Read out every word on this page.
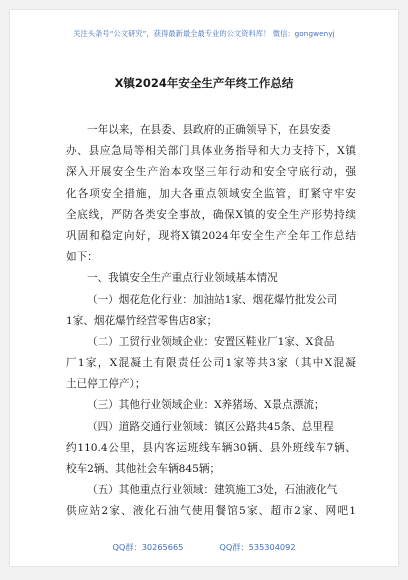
关注头条号“公文研究”，获得最新最全最专业的公文资料库！ 微信：gongwenyj
X镇2024年安全生产年终工作总结
一年以来，在县委、县政府的正确领导下，在县安委
办、县应急局等相关部门具体业务指导和大力支持下，X镇
深入开展安全生产治本攻坚三年行动和安全守底行动，强
化各项安全措施，加大各重点领域安全监管，盯紧守牢安
全底线，严防各类安全事故，确保X镇的安全生产形势持续
巩固和稳定向好，现将X镇2024年安全生产全年工作总结
如下：
一、我镇安全生产重点行业领域基本情况
（一）烟花危化行业：加油站1家、烟花爆竹批发公司
1家、烟花爆竹经营零售店8家；
（二）工贸行业领域企业：安置区鞋业厂1家、X食品
厂1家，X混凝土有限责任公司1家等共3家（其中X混凝
土已停工停产）；
（三）其他行业领域企业：X养猪场、X景点漂流；
（四）道路交通行业领域：镇区公路共45条、总里程
约110.4公里，县内客运班线车辆30辆、县外班线车7辆、
校车2辆、其他社会车辆845辆；
（五）其他重点行业领域：建筑施工3处，石油液化气
供应站2家、液化石油气使用餐馆5家、超市2家、网吧1
QQ群：30265665	QQ群：535304092
